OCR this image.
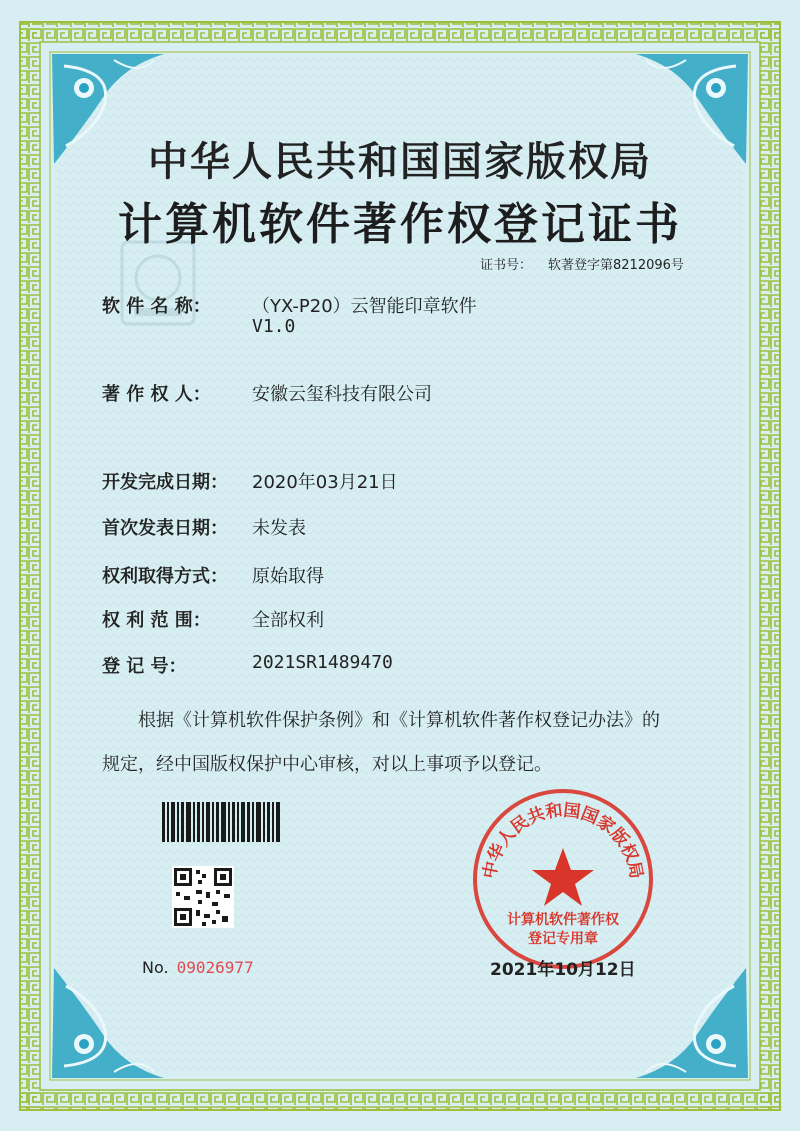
中华人民共和国国家版权局
计算机软件著作权登记证书
证书号： 软著登字第8212096号
软 件 名 称： （YX-P20）云智能印章软件
V1.0
著 作 权 人： 安徽云玺科技有限公司
开发完成日期： 2020年03月21日
首次发表日期： 未发表
权利取得方式： 原始取得
权 利 范 围： 全部权利
登 记 号：	2021SR1489470
根据《计算机软件保护条例》和《计算机软件著作权登记办法》的
规定，经中国版权保护中心审核，对以上事项予以登记。
No. 09026977
中华人民共和国国家版权局
计算机软件著作权
登记专用章
2021年10月12日
